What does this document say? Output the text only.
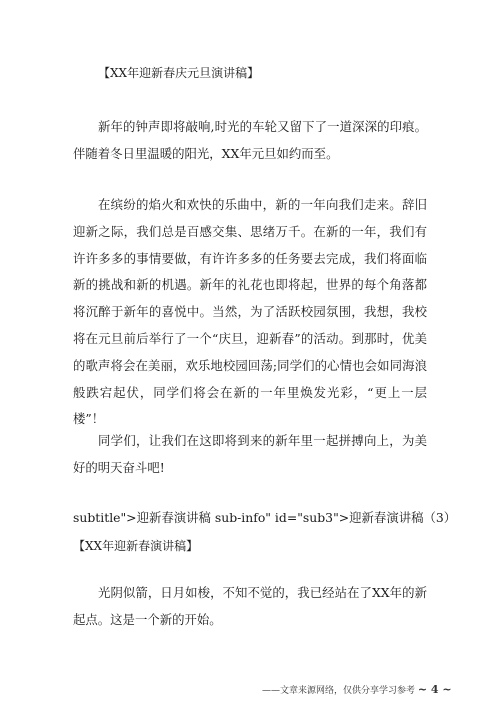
【XX年迎新春庆元旦演讲稿】

新年的钟声即将敲响,时光的车轮又留下了一道深深的印痕。伴随着冬日里温暖的阳光，XX年元旦如约而至。

在缤纷的焰火和欢快的乐曲中，新的一年向我们走来。辞旧迎新之际，我们总是百感交集、思绪万千。在新的一年，我们有许许多多的事情要做，有许许多多的任务要去完成，我们将面临新的挑战和新的机遇。新年的礼花也即将起，世界的每个角落都将沉醉于新年的喜悦中。当然，为了活跃校园氛围，我想，我校将在元旦前后举行了一个“庆旦，迎新春”的活动。到那时，优美的歌声将会在美丽，欢乐地校园回荡;同学们的心情也会如同海浪般跌宕起伏，同学们将会在新的一年里焕发光彩，“更上一层楼”！

同学们，让我们在这即将到来的新年里一起拼搏向上，为美好的明天奋斗吧!

subtitle">迎新春演讲稿 sub-info" id="sub3">迎新春演讲稿（3）
【XX年迎新春演讲稿】

光阴似箭，日月如梭，不知不觉的，我已经站在了XX年的新起点。这是一个新的开始。

——文章来源网络，仅供分享学习参考 ~ 4 ~
